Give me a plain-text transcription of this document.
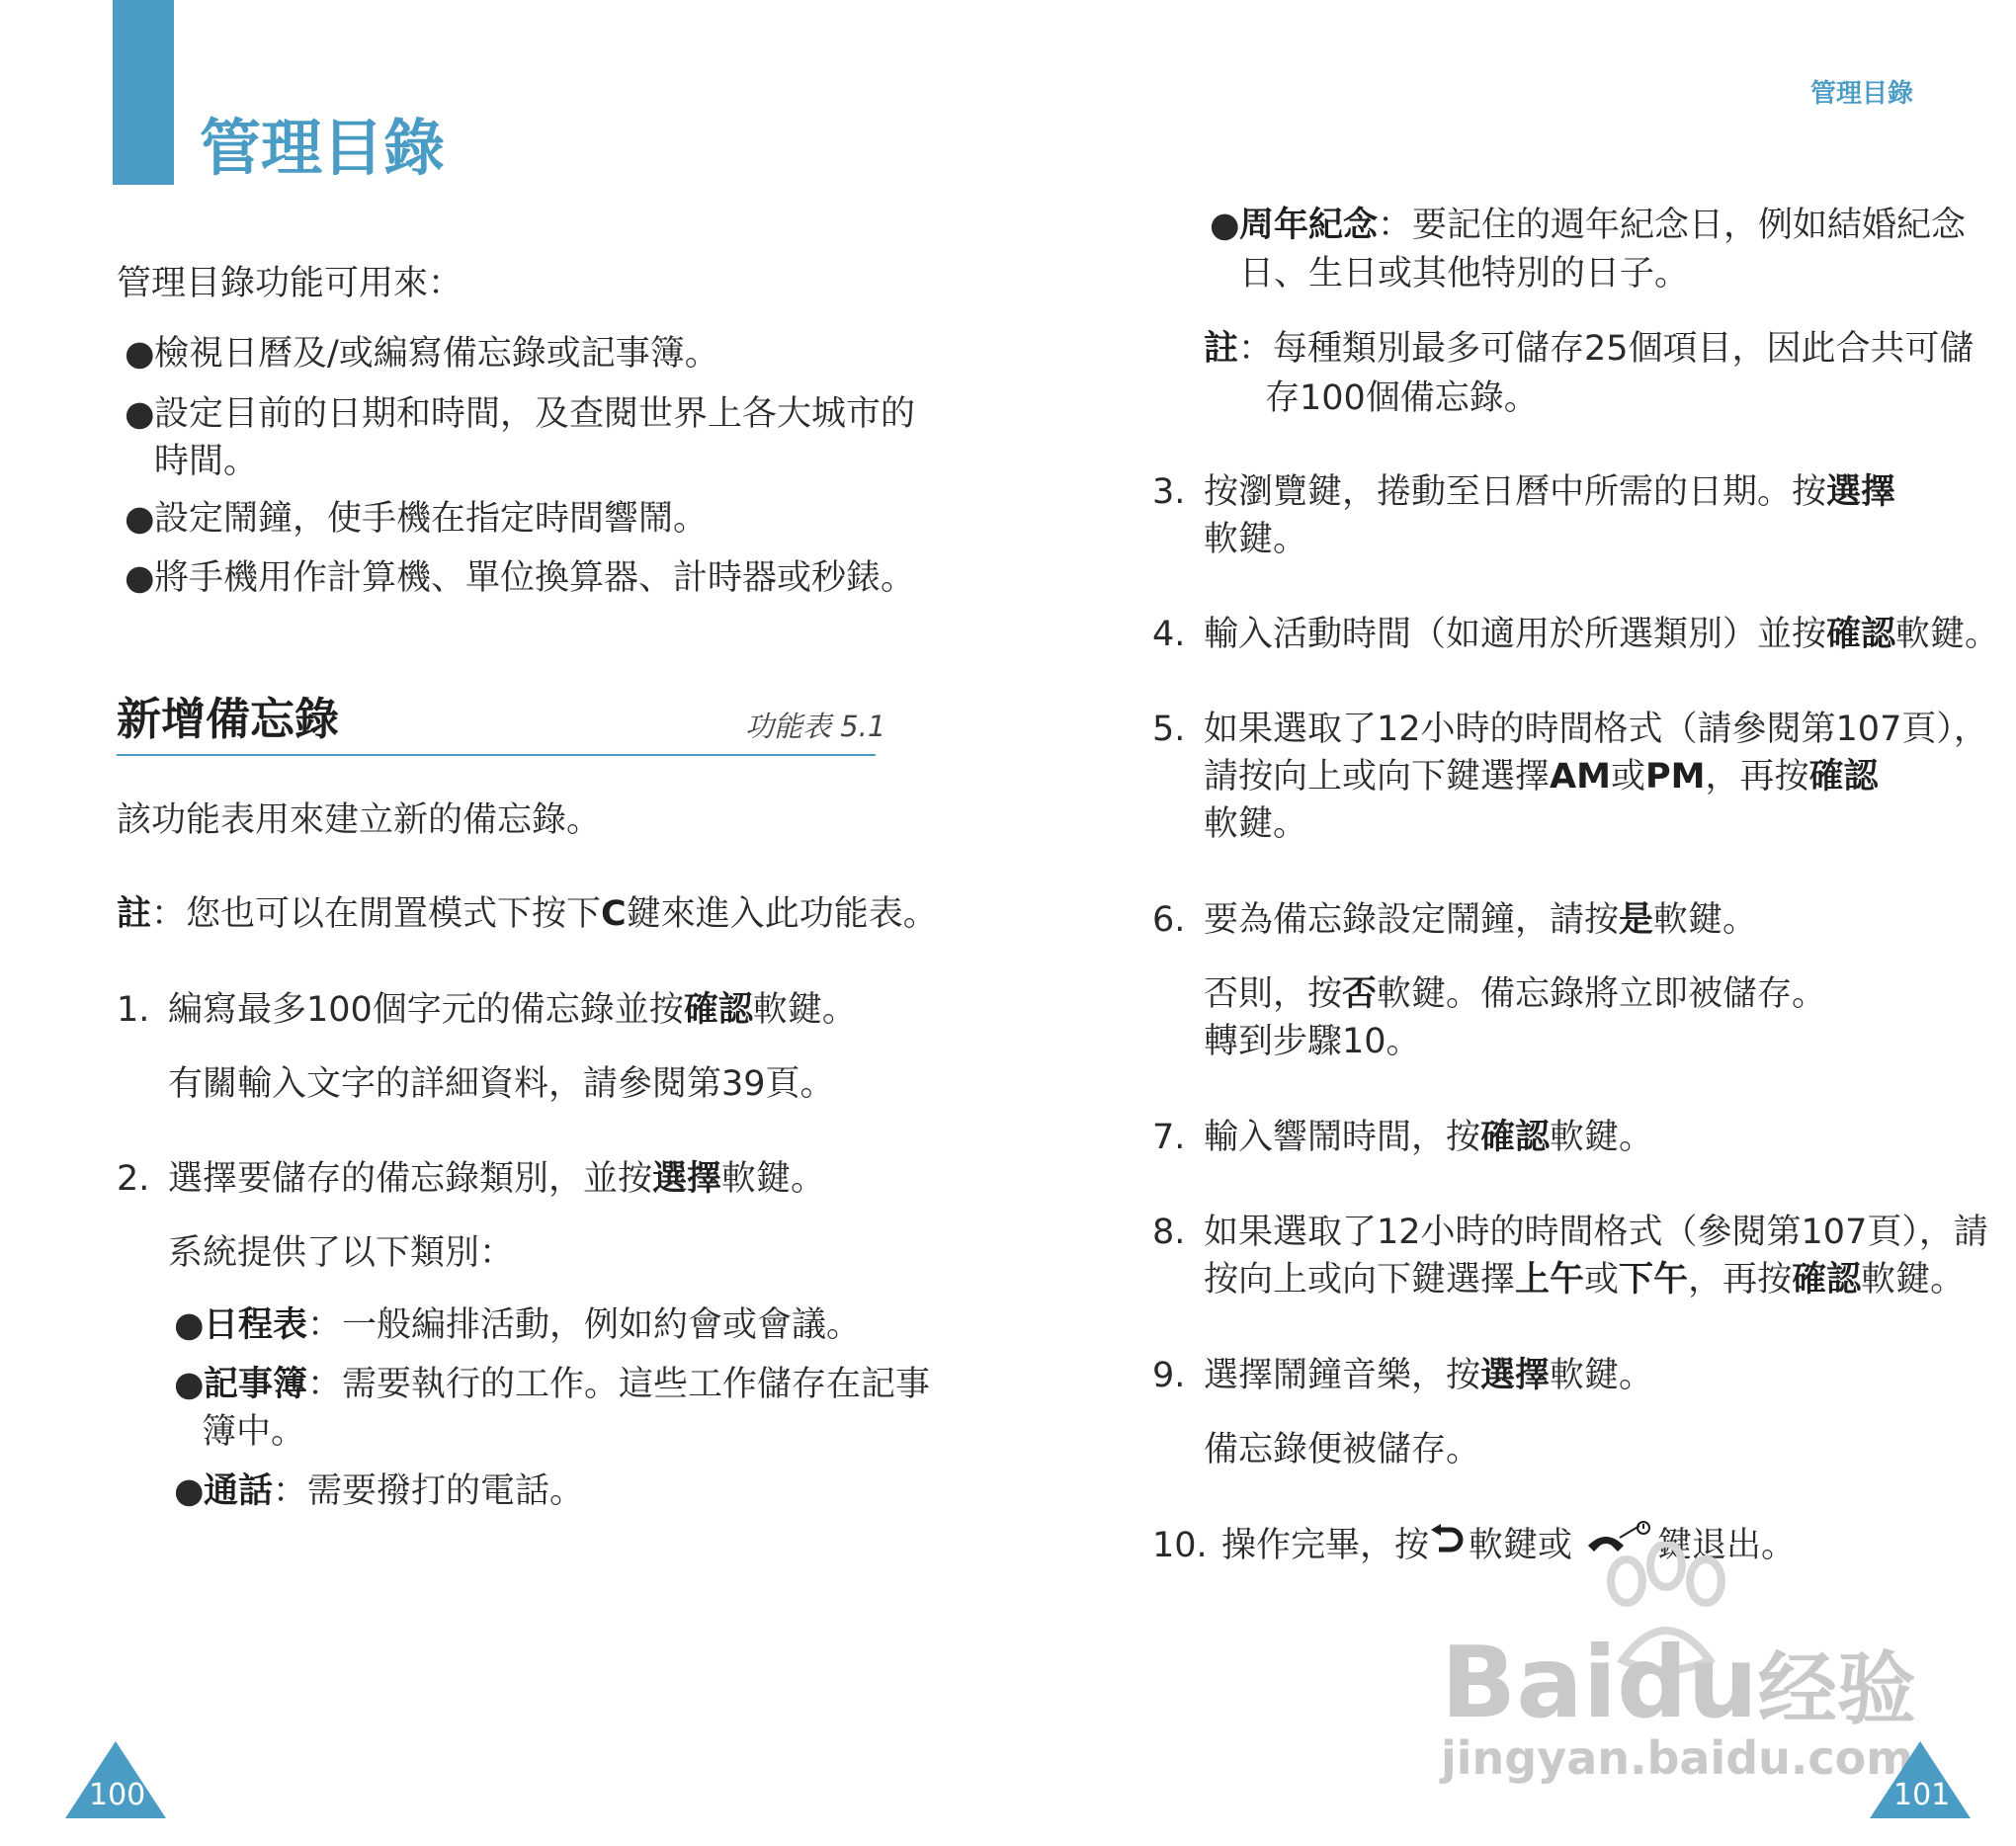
管理目錄
管理目錄
管理目錄功能可用來：
●檢視日曆及/或編寫備忘錄或記事簿。
●設定目前的日期和時間，及查閱世界上各大城市的
時間。
●設定鬧鐘，使手機在指定時間響鬧。
●將手機用作計算機、單位換算器、計時器或秒錶。
新增備忘錄	功能表 5.1
該功能表用來建立新的備忘錄。
註：您也可以在閒置模式下按下C鍵來進入此功能表。
1. 編寫最多100個字元的備忘錄並按確認軟鍵。
有關輸入文字的詳細資料，請參閱第39頁。
2. 選擇要儲存的備忘錄類別，並按選擇軟鍵。
系統提供了以下類別：
●日程表：一般編排活動，例如約會或會議。
●記事簿：需要執行的工作。這些工作儲存在記事
簿中。
●通話：需要撥打的電話。
100
●周年紀念：要記住的週年紀念日，例如結婚紀念
日、生日或其他特別的日子。
註：每種類別最多可儲存25個項目，因此合共可儲
存100個備忘錄。
3. 按瀏覽鍵，捲動至日曆中所需的日期。按選擇
軟鍵。
4. 輸入活動時間（如適用於所選類別）並按確認軟鍵。
5. 如果選取了12小時的時間格式（請參閱第107頁），
請按向上或向下鍵選擇AM或PM，再按確認
軟鍵。
6. 要為備忘錄設定鬧鐘，請按是軟鍵。
否則，按否軟鍵。備忘錄將立即被儲存。
轉到步驟10。
7. 輸入響鬧時間，按確認軟鍵。
8. 如果選取了12小時的時間格式（參閱第107頁），請
按向上或向下鍵選擇上午或下午，再按確認軟鍵。
9. 選擇鬧鐘音樂，按選擇軟鍵。
備忘錄便被儲存。
10. 操作完畢，按 軟鍵或 鍵退出。
Baidu经验
jingyan.baidu.com
101
